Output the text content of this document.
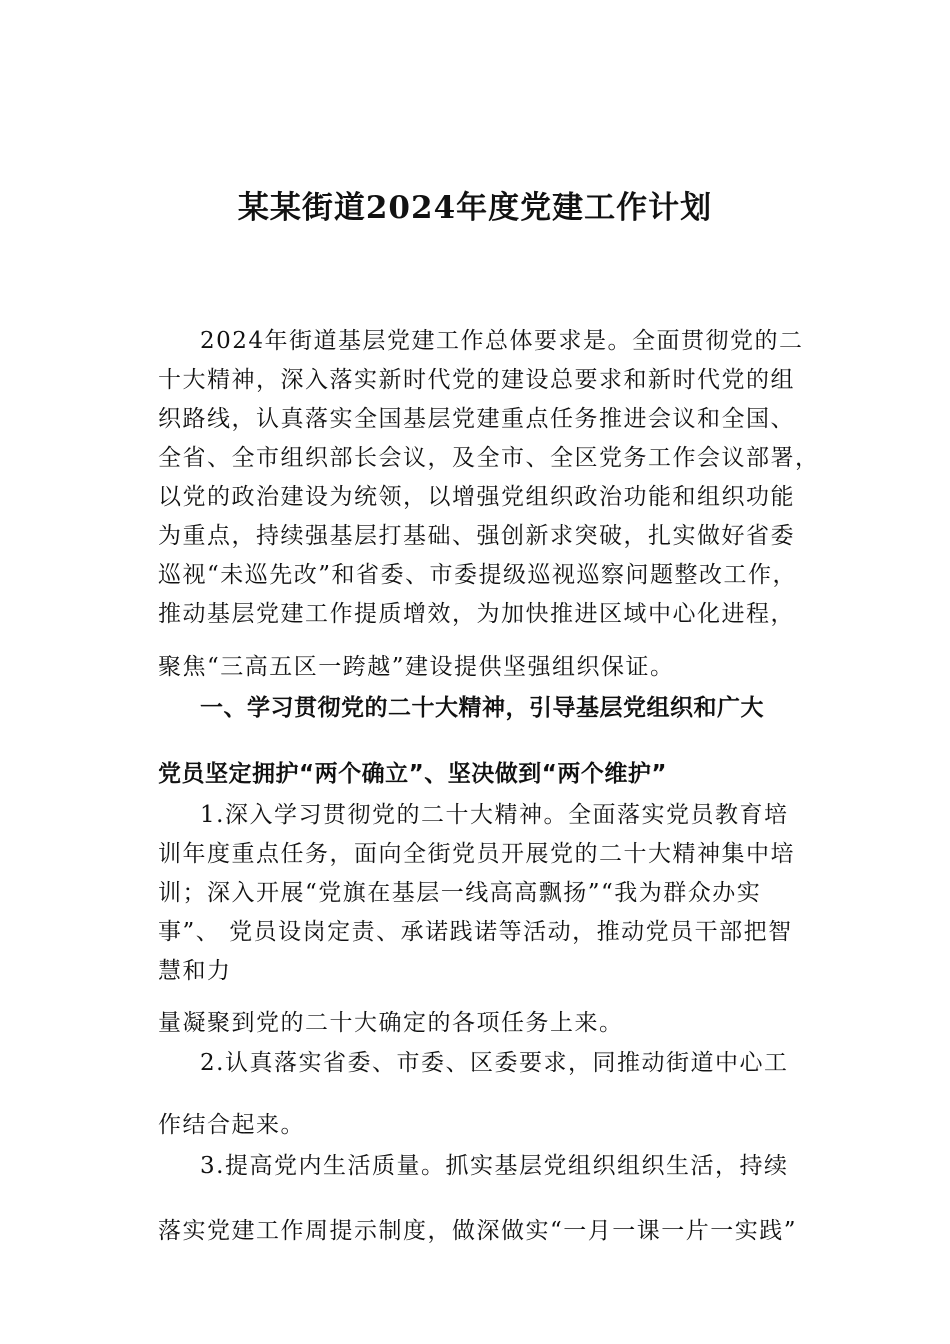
某某街道2024年度党建工作计划

2024年街道基层党建工作总体要求是。全面贯彻党的二

十大精神，深入落实新时代党的建设总要求和新时代党的组

织路线，认真落实全国基层党建重点任务推进会议和全国、

全省、全市组织部长会议，及全市、全区党务工作会议部署，

以党的政治建设为统领，以增强党组织政治功能和组织功能

为重点，持续强基层打基础、强创新求突破，扎实做好省委

巡视“未巡先改”和省委、市委提级巡视巡察问题整改工作，

推动基层党建工作提质增效，为加快推进区域中心化进程，

聚焦“三高五区一跨越”建设提供坚强组织保证。

一、学习贯彻党的二十大精神，引导基层党组织和广大

党员坚定拥护“两个确立”、坚决做到“两个维护”

1.深入学习贯彻党的二十大精神。全面落实党员教育培

训年度重点任务，面向全街党员开展党的二十大精神集中培

训；深入开展“党旗在基层一线高高飘扬”“我为群众办实

事”、 党员设岗定责、承诺践诺等活动，推动党员干部把智

慧和力

量凝聚到党的二十大确定的各项任务上来。

2.认真落实省委、市委、区委要求，同推动街道中心工

作结合起来。

3.提高党内生活质量。抓实基层党组织组织生活，持续

落实党建工作周提示制度，做深做实“一月一课一片一实践”
